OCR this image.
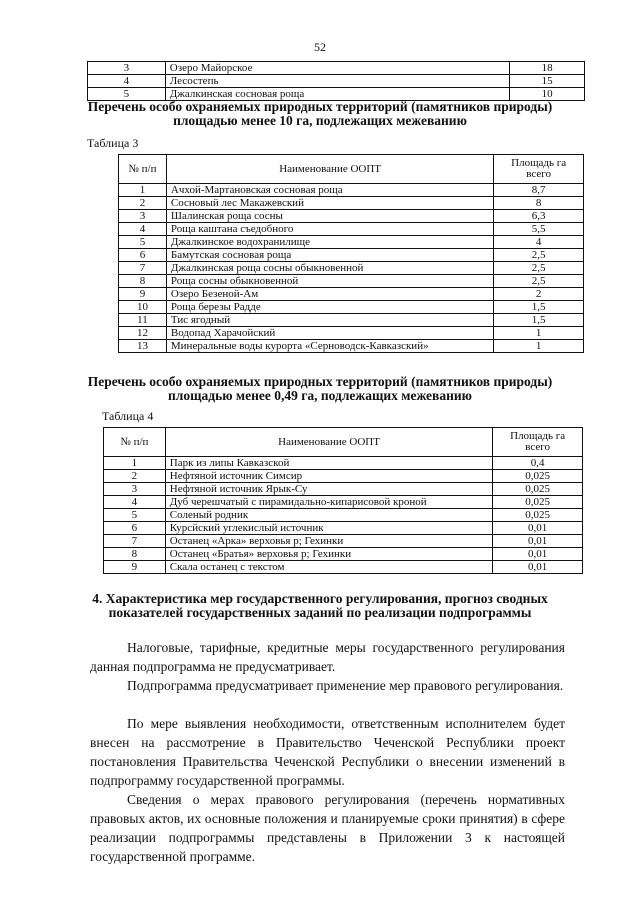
52
3	Озеро Майорское	18
4	Лесостепь	15
5	Джалкинская сосновая роща	10
Перечень особо охраняемых природных территорий (памятников природы) площадью менее 10 га, подлежащих межеванию
Таблица 3
№ п/п	Наименование ООПТ	Площадь га всего
1	Ачхой-Мартановская сосновая роща	8,7
2	Сосновый лес Макажевский	8
3	Шалинская роща сосны	6,3
4	Роща каштана съедобного	5,5
5	Джалкинское водохранилище	4
6	Бамутская сосновая роща	2,5
7	Джалкинская роща сосны обыкновенной	2,5
8	Роща сосны обыкновенной	2,5
9	Озеро Безеной-Ам	2
10	Роща березы Радде	1,5
11	Тис ягодный	1,5
12	Водопад Харачойский	1
13	Минеральные воды курорта «Серноводск-Кавказский»	1
Перечень особо охраняемых природных территорий (памятников природы) площадью менее 0,49 га, подлежащих межеванию
Таблица 4
№ п/п	Наименование ООПТ	Площадь га всего
1	Парк из липы Кавказской	0,4
2	Нефтяной источник Симсир	0,025
3	Нефтяной источник Ярык-Су	0,025
4	Дуб черешчатый с пирамидально-кипарисовой кроной	0,025
5	Соленый родник	0,025
6	Курсйский углекислый источник	0,01
7	Останец «Арка» верховья р; Гехинки	0,01
8	Останец «Братья» верховья р; Гехинки	0,01
9	Скала останец с текстом	0,01
4. Характеристика мер государственного регулирования, прогноз сводных показателей государственных заданий по реализации подпрограммы
Налоговые, тарифные, кредитные меры государственного регулирования данная подпрограмма не предусматривает.
Подпрограмма предусматривает применение мер правового регулирования.
По мере выявления необходимости, ответственным исполнителем будет внесен на рассмотрение в Правительство Чеченской Республики проект постановления Правительства Чеченской Республики о внесении изменений в подпрограмму государственной программы.
Сведения о мерах правового регулирования (перечень нормативных правовых актов, их основные положения и планируемые сроки принятия) в сфере реализации подпрограммы представлены в Приложении 3 к настоящей государственной программе.
